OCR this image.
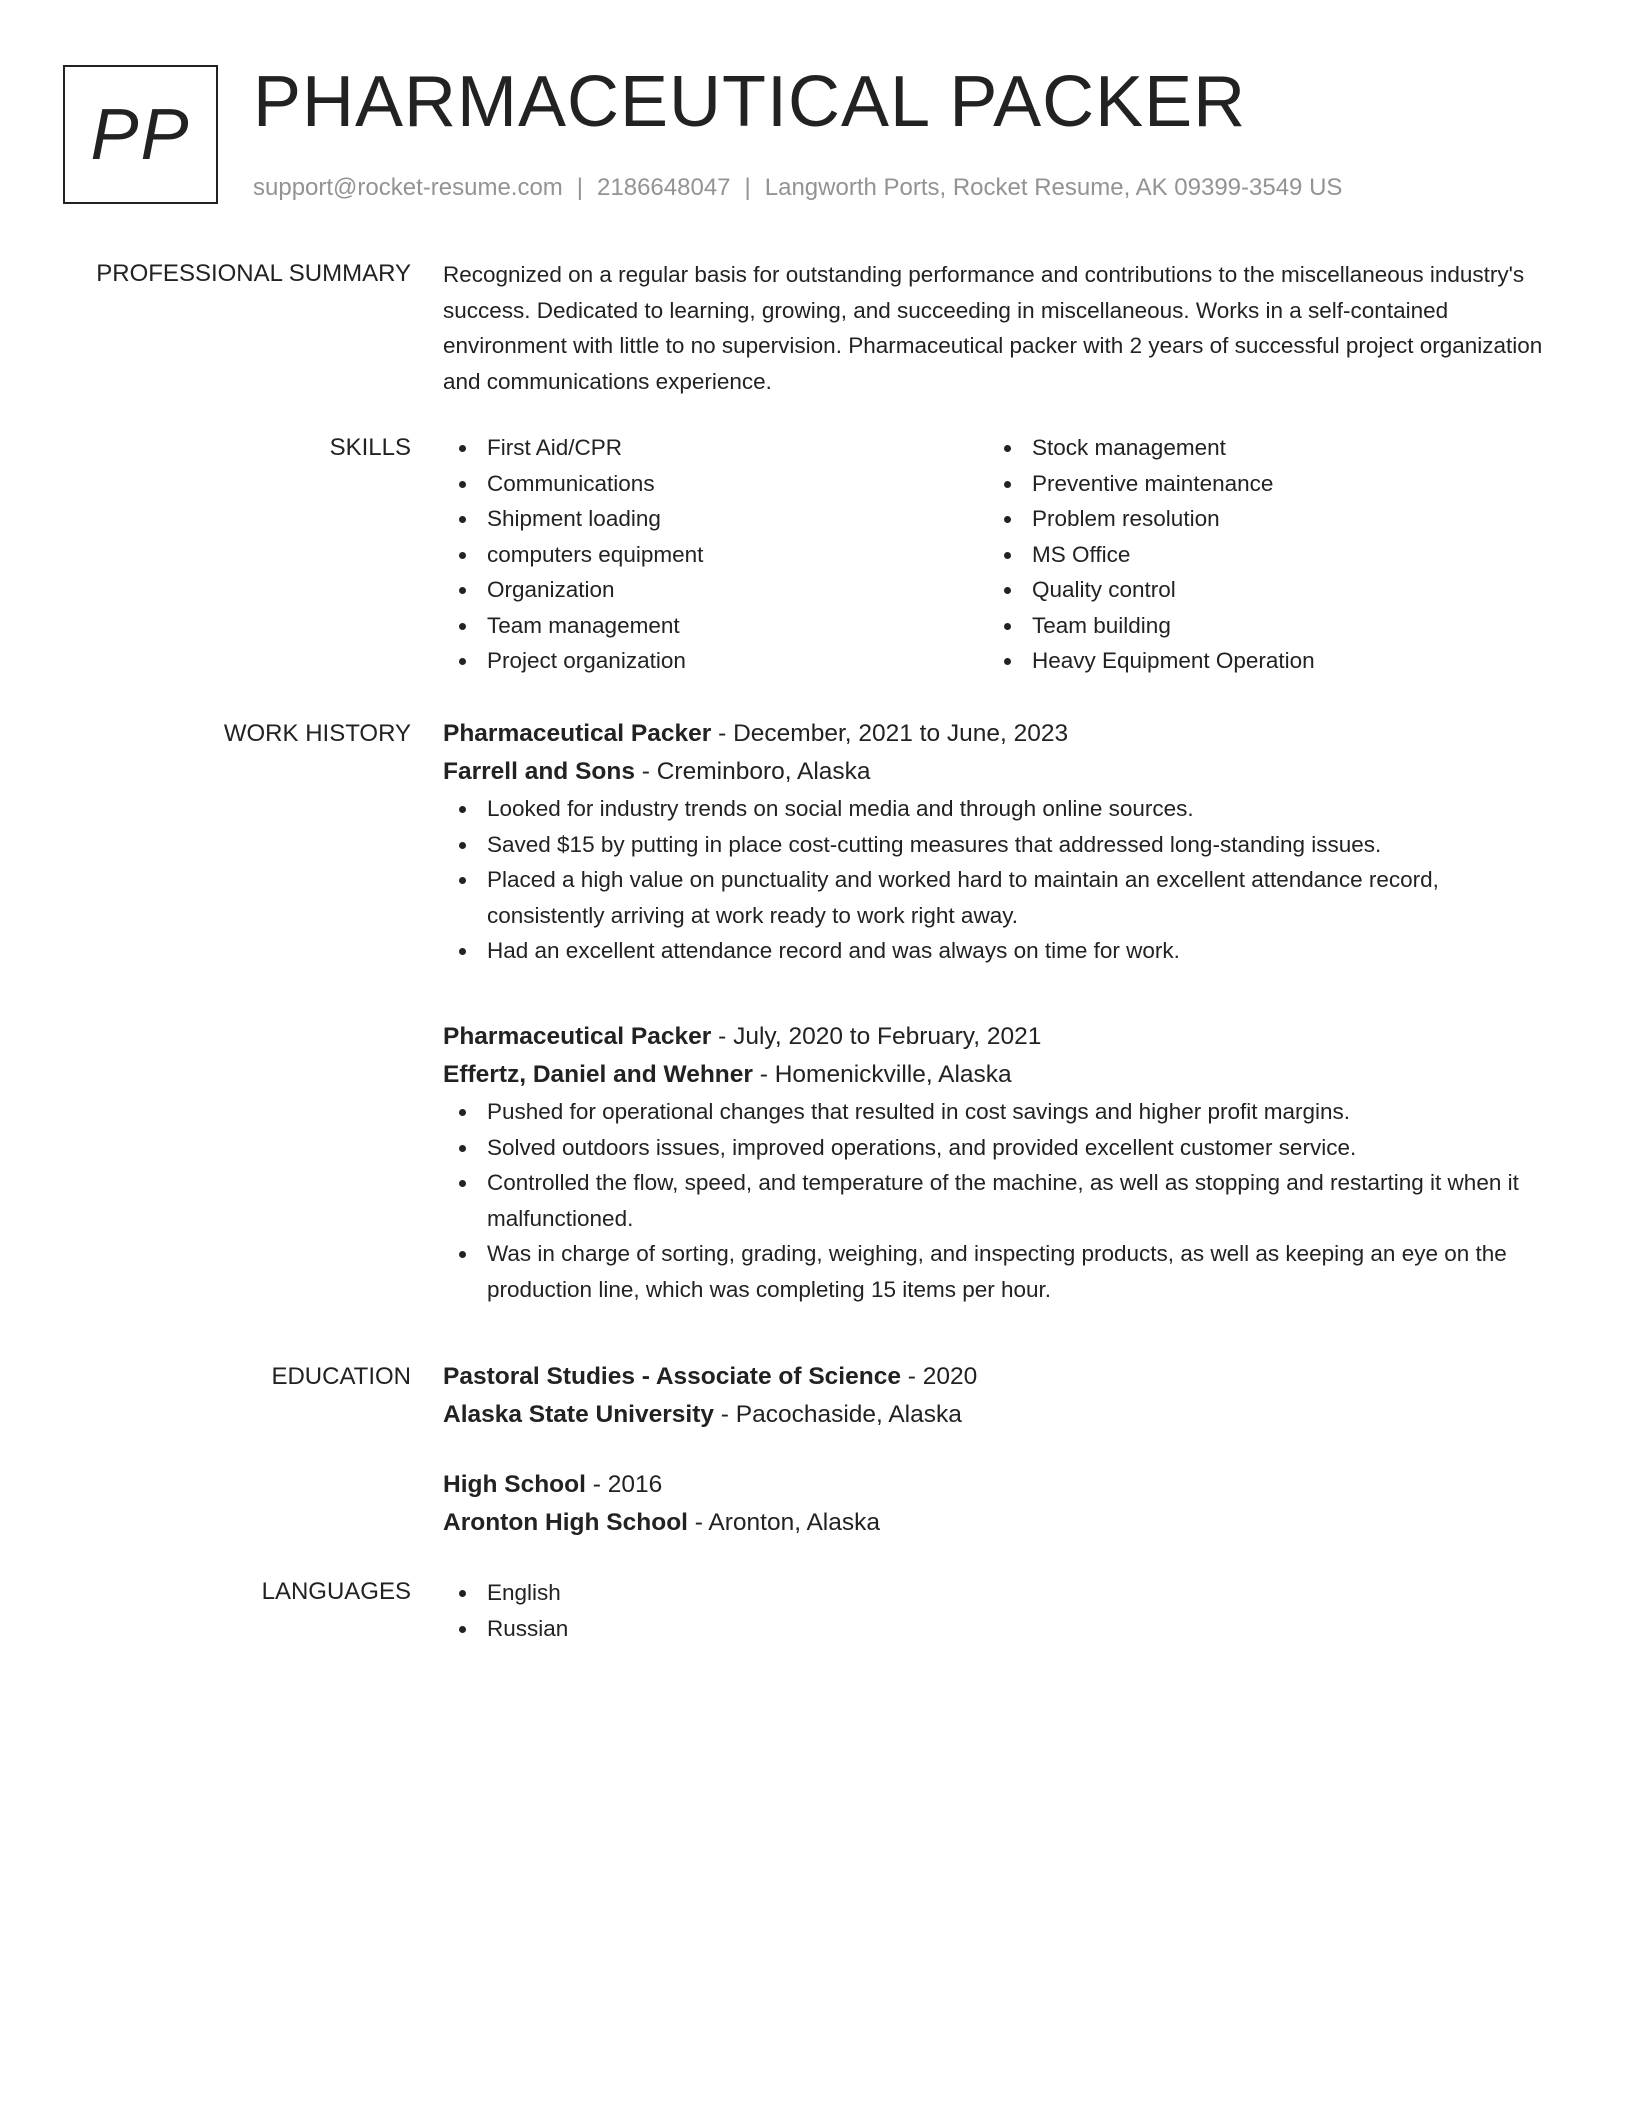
PP PHARMACEUTICAL PACKER
support@rocket-resume.com | 2186648047 | Langworth Ports, Rocket Resume, AK 09399-3549 US
PROFESSIONAL SUMMARY Recognized on a regular basis for outstanding performance and contributions to the miscellaneous industry's success. Dedicated to learning, growing, and succeeding in miscellaneous. Works in a self-contained environment with little to no supervision. Pharmaceutical packer with 2 years of successful project organization and communications experience.
SKILLS	First Aid/CPR
Communications
Shipment loading
computers equipment
Organization
Team management
Project organization
Stock management
Preventive maintenance
Problem resolution
MS Office
Quality control
Team building
Heavy Equipment Operation
WORK HISTORY Pharmaceutical Packer - December, 2021 to June, 2023
Farrell and Sons - Creminboro, Alaska
Looked for industry trends on social media and through online sources.
Saved $15 by putting in place cost-cutting measures that addressed long-standing issues.
Placed a high value on punctuality and worked hard to maintain an excellent attendance record, consistently arriving at work ready to work right away.
Had an excellent attendance record and was always on time for work.
Pharmaceutical Packer - July, 2020 to February, 2021
Effertz, Daniel and Wehner - Homenickville, Alaska
Pushed for operational changes that resulted in cost savings and higher profit margins.
Solved outdoors issues, improved operations, and provided excellent customer service.
Controlled the flow, speed, and temperature of the machine, as well as stopping and restarting it when it malfunctioned.
Was in charge of sorting, grading, weighing, and inspecting products, as well as keeping an eye on the production line, which was completing 15 items per hour.
EDUCATION Pastoral Studies - Associate of Science - 2020
Alaska State University - Pacochaside, Alaska
High School - 2016
Aronton High School - Aronton, Alaska
LANGUAGES	English
Russian
